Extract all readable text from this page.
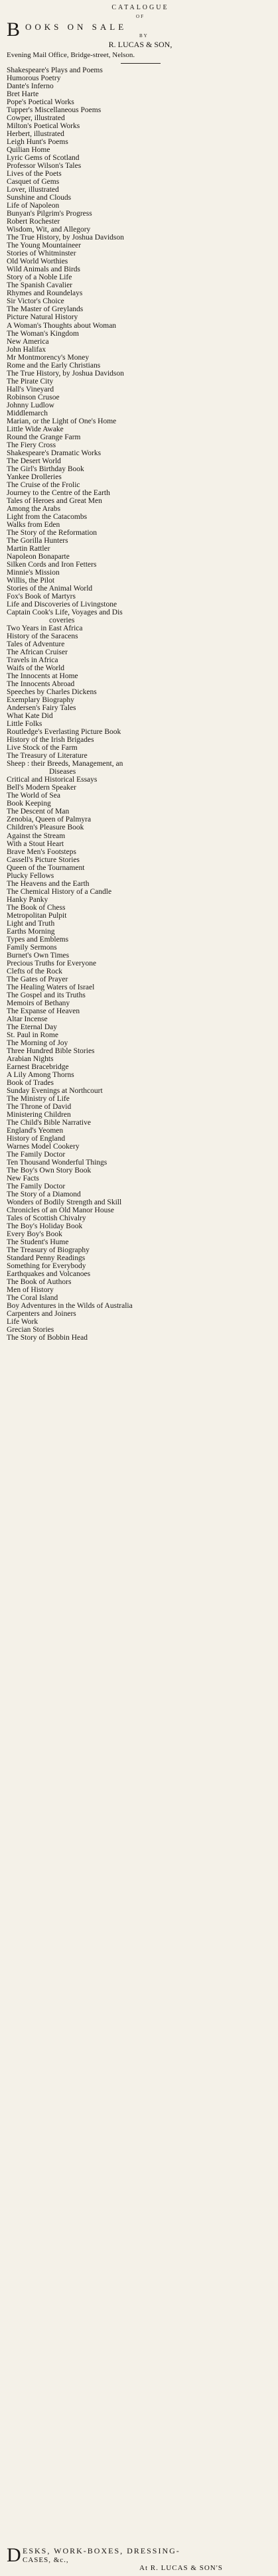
CATALOGUE
OF
B OOKS ON SALE
BY
R. LUCAS & SON,
Evening Mail Office, Bridge-street, Nelson.
Shakespeare's Plays and Poems
Humorous Poetry
Dante's Inferno
Bret Harte
Pope's Poetical Works
Tupper's Miscellaneous Poems
Cowper, illustrated
Milton's Poetical Works
Herbert, illustrated
Leigh Hunt's Poems
Quilian Home
Lyric Gems of Scotland
Professor Wilson's Tales
Lives of the Poets
Casquet of Gems
Lover, illustrated
Sunshine and Clouds
Life of Napoleon
Bunyan's Pilgrim's Progress
Robert Rochester
Wisdom, Wit, and Allegory
The True History, by Joshua Davidson
The Young Mountaineer
Stories of Whitminster
Old World Worthies
Wild Animals and Birds
Story of a Noble Life
The Spanish Cavalier
Rhymes and Roundelays
Sir Victor's Choice
The Master of Greylands
Picture Natural History
A Woman's Thoughts about Woman
The Woman's Kingdom
New America
John Halifax
Mr Montmorency's Money
Rome and the Early Christians
The True History, by Joshua Davidson
The Pirate City
Hall's Vineyard
Robinson Crusoe
Johnny Ludlow
Middlemarch
Marian, or the Light of One's Home
Little Wide Awake
Round the Grange Farm
The Fiery Cross
Shakespeare's Dramatic Works
The Desert World
The Girl's Birthday Book
Yankee Drolleries
The Cruise of the Frolic
Journey to the Centre of the Earth
Tales of Heroes and Great Men
Among the Arabs
Light from the Catacombs
Walks from Eden
The Story of the Reformation
The Gorilla Hunters
Martin Rattler
Napoleon Bonaparte
Silken Cords and Iron Fetters
Minnie's Mission
Willis, the Pilot
Stories of the Animal World
Fox's Book of Martyrs
Life and Discoveries of Livingstone
Captain Cook's Life, Voyages and Dis
coveries
Two Years in East Africa
History of the Saracens
Tales of Adventure
The African Cruiser
Travels in Africa
Waifs of the World
The Innocents at Home
The Innocents Abroad
Speeches by Charles Dickens
Exemplary Biography
Andersen's Fairy Tales
What Kate Did
Little Folks
Routledge's Everlasting Picture Book
History of the Irish Brigades
Live Stock of the Farm
The Treasury of Literature
Sheep : their Breeds, Management, an
Diseases
Critical and Historical Essays
Bell's Modern Speaker
The World of Sea
Book Keeping
The Descent of Man
Zenobia, Queen of Palmyra
Children's Pleasure Book
Against the Stream
With a Stout Heart
Brave Men's Footsteps
Cassell's Picture Stories
Queen of the Tournament
Plucky Fellows
The Heavens and the Earth
The Chemical History of a Candle
Hanky Panky
The Book of Chess
Metropolitan Pulpit
Light and Truth
Earths Morning
Types and Emblems
Family Sermons
Burnet's Own Times
Precious Truths for Everyone
Clefts of the Rock
The Gates of Prayer
The Healing Waters of Israel
The Gospel and its Truths
Memoirs of Bethany
The Expanse of Heaven
Altar Incense
The Eternal Day
St. Paul in Rome
The Morning of Joy
Three Hundred Bible Stories
Arabian Nights
Earnest Bracebridge
A Lily Among Thorns
Book of Trades
Sunday Evenings at Northcourt
The Ministry of Life
The Throne of David
Ministering Children
The Child's Bible Narrative
England's Yeomen
History of England
Warnes Model Cookery
The Family Doctor
Ten Thousand Wonderful Things
The Boy's Own Story Book
New Facts
The Family Doctor
The Story of a Diamond
Wonders of Bodily Strength and Skill
Chronicles of an Old Manor House
Tales of Scottish Chivalry
The Boy's Holiday Book
Every Boy's Book
The Student's Hume
The Treasury of Biography
Standard Penny Readings
Something for Everybody
Earthquakes and Volcanoes
The Book of Authors
Men of History
The Coral Island
Boy Adventures in the Wilds of Australia
Carpenters and Joiners
Life Work
Grecian Stories
The Story of Bobbin Head
D ESKS, WORK-BOXES, DRESSING-
CASES, &c.,
At R. LUCAS & SON'S
